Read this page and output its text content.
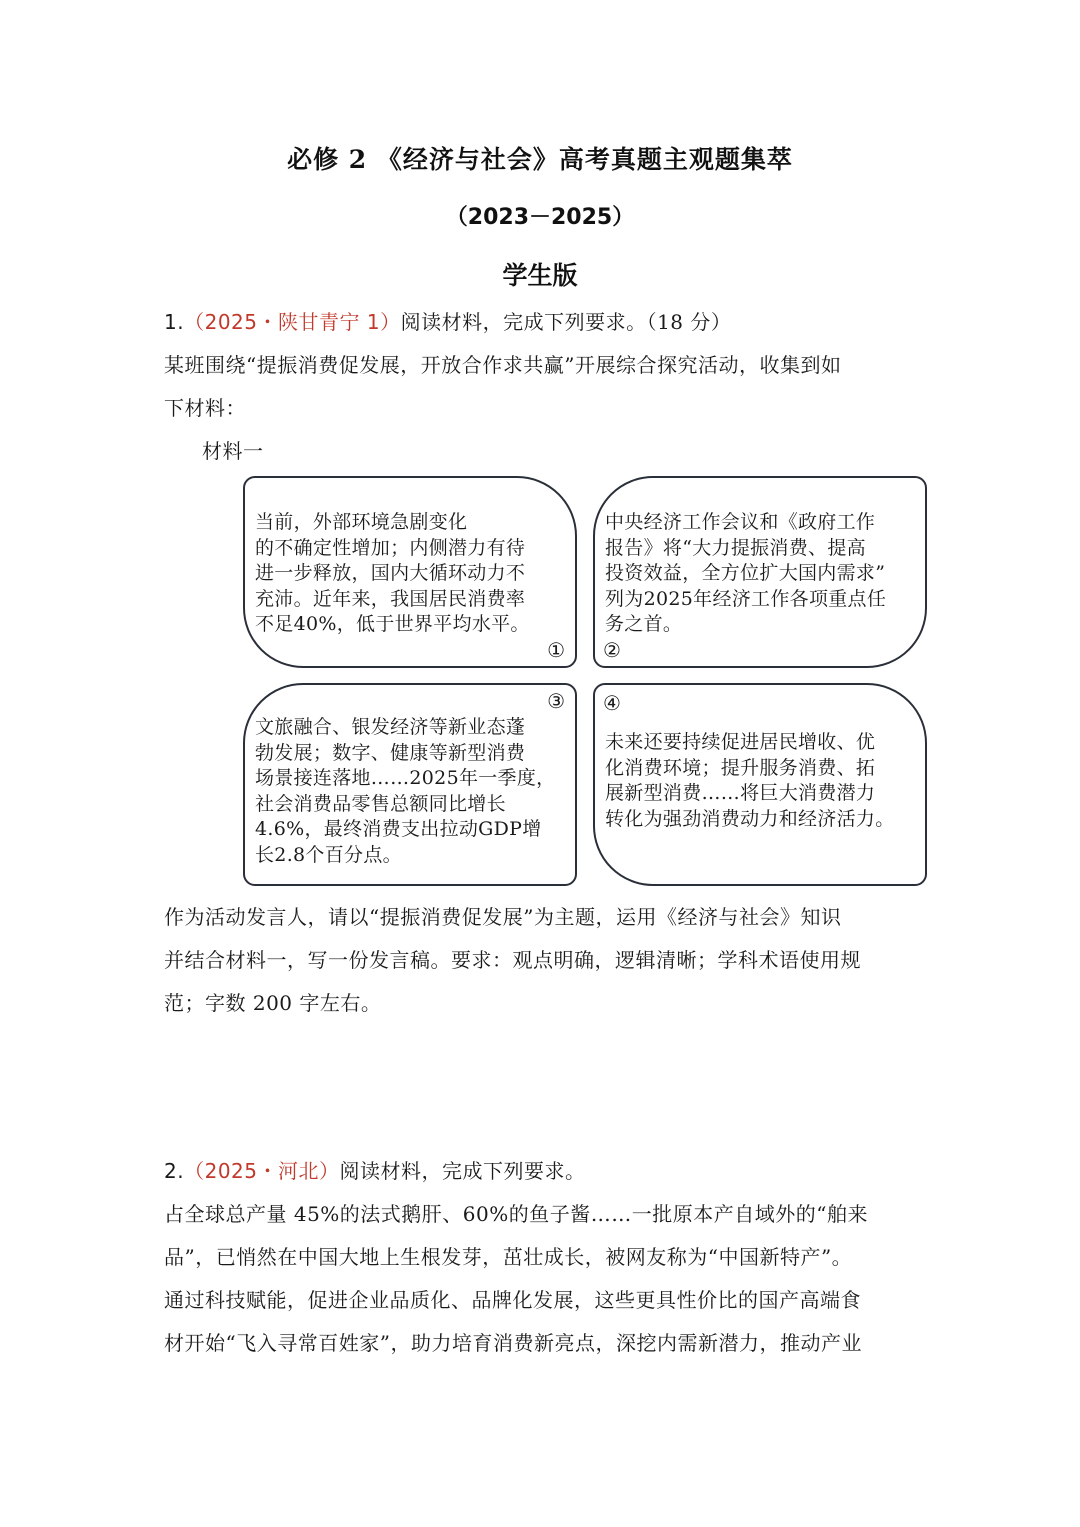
必修 2 《经济与社会》高考真题主观题集萃
（2023－2025）
学生版
1.（2025・陕甘青宁 1）阅读材料，完成下列要求。（18 分）
某班围绕“提振消费促发展，开放合作求共赢”开展综合探究活动，收集到如
下材料：
材料一
当前，外部环境急剧变化
的不确定性增加；内侧潜力有待
进一步释放，国内大循环动力不
充沛。近年来，我国居民消费率
不足40%，低于世界平均水平。
①
中央经济工作会议和《政府工作
报告》将“大力提振消费、提高
投资效益，全方位扩大国内需求”
列为2025年经济工作各项重点任
务之首。
②
③
文旅融合、银发经济等新业态蓬
勃发展；数字、健康等新型消费
场景接连落地……2025年一季度，
社会消费品零售总额同比增长
4.6%，最终消费支出拉动GDP增
长2.8个百分点。
④
未来还要持续促进居民增收、优
化消费环境；提升服务消费、拓
展新型消费……将巨大消费潜力
转化为强劲消费动力和经济活力。
作为活动发言人，请以“提振消费促发展”为主题，运用《经济与社会》知识
并结合材料一，写一份发言稿。要求：观点明确，逻辑清晰；学科术语使用规
范；字数 200 字左右。
2.（2025・河北）阅读材料，完成下列要求。
占全球总产量 45%的法式鹅肝、60%的鱼子酱……一批原本产自域外的“舶来
品”，已悄然在中国大地上生根发芽，茁壮成长，被网友称为“中国新特产”。
通过科技赋能，促进企业品质化、品牌化发展，这些更具性价比的国产高端食
材开始“飞入寻常百姓家”，助力培育消费新亮点，深挖内需新潜力，推动产业
